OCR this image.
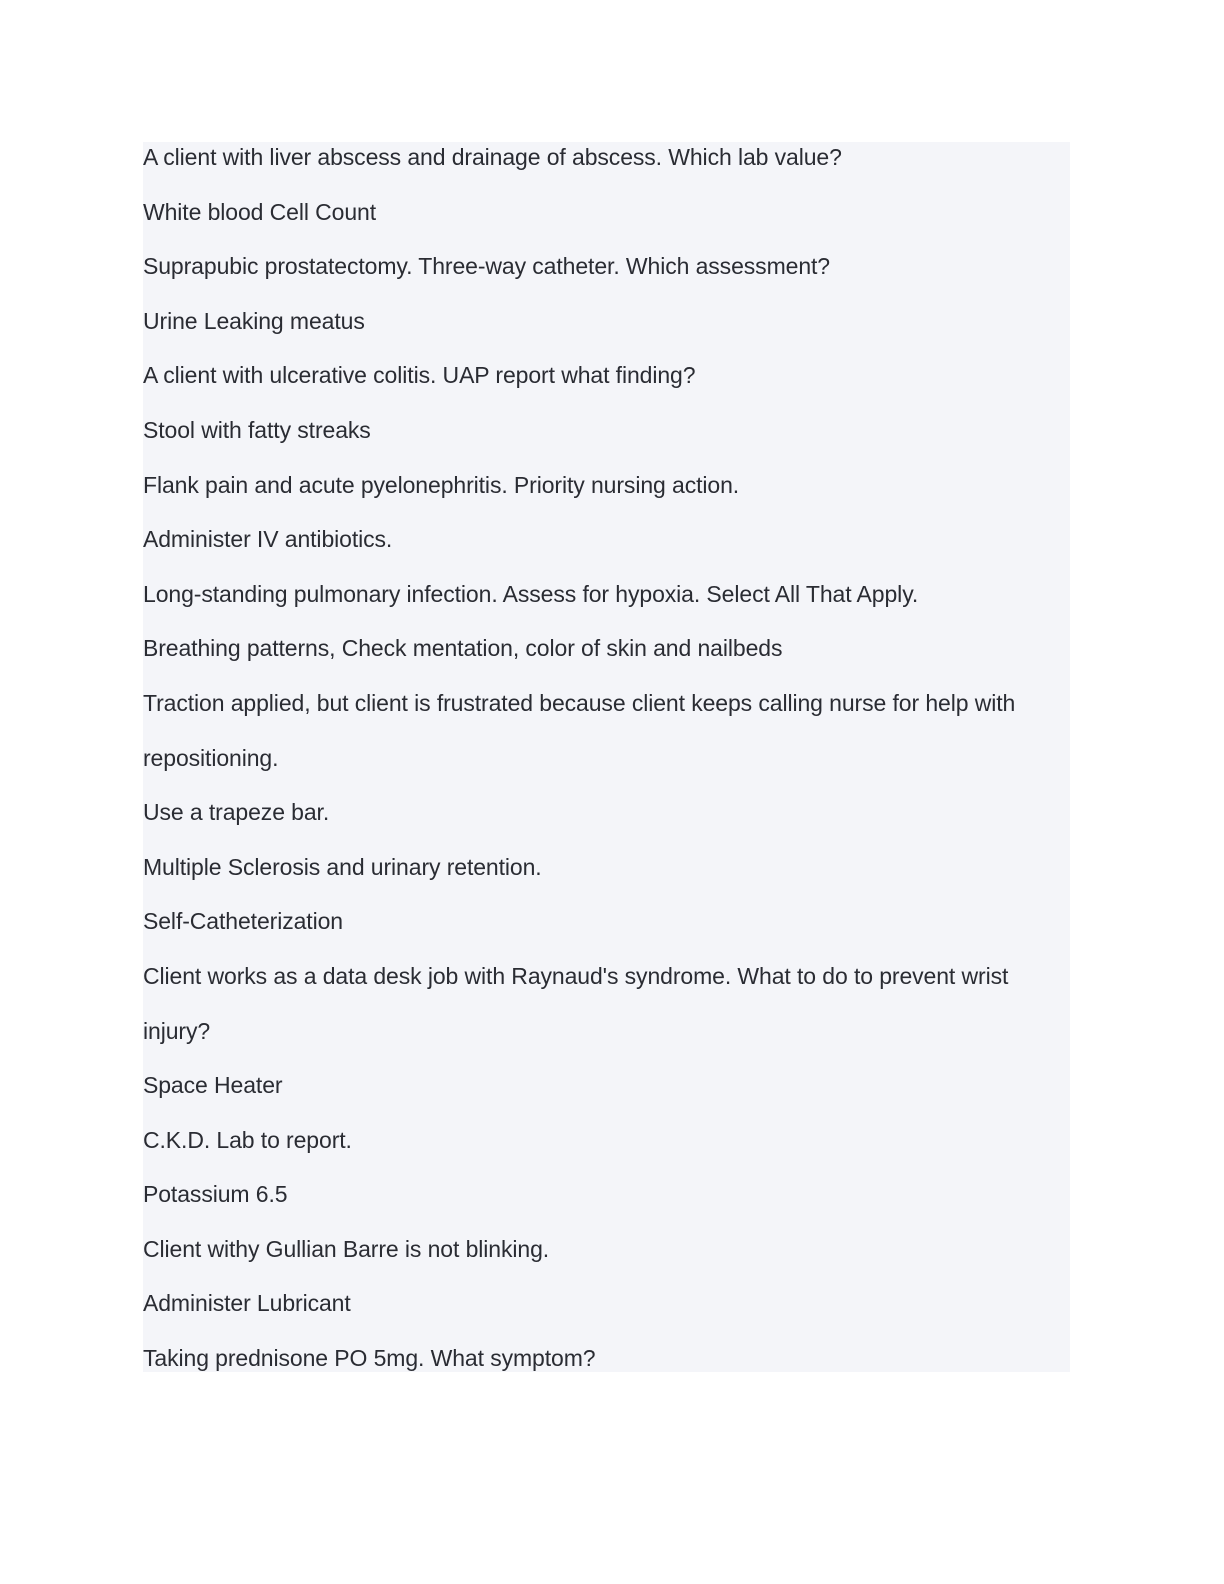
A client with liver abscess and drainage of abscess. Which lab value?
White blood Cell Count
Suprapubic prostatectomy. Three-way catheter. Which assessment?
Urine Leaking meatus
A client with ulcerative colitis. UAP report what finding?
Stool with fatty streaks
Flank pain and acute pyelonephritis. Priority nursing action.
Administer IV antibiotics.
Long-standing pulmonary infection. Assess for hypoxia. Select All That Apply.
Breathing patterns, Check mentation, color of skin and nailbeds
Traction applied, but client is frustrated because client keeps calling nurse for help with
repositioning.
Use a trapeze bar.
Multiple Sclerosis and urinary retention.
Self-Catheterization
Client works as a data desk job with Raynaud's syndrome. What to do to prevent wrist
injury?
Space Heater
C.K.D. Lab to report.
Potassium 6.5
Client withy Gullian Barre is not blinking.
Administer Lubricant
Taking prednisone PO 5mg. What symptom?
